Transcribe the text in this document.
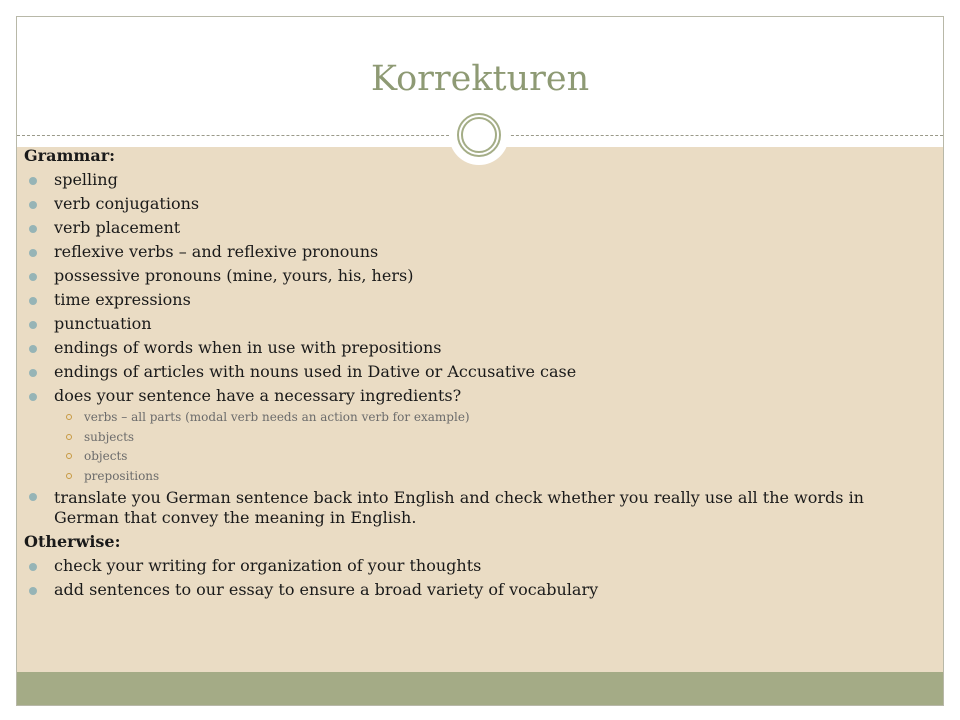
Korrekturen

Grammar:

spelling
verb conjugations
verb placement
reflexive verbs – and reflexive pronouns
possessive pronouns (mine, yours, his, hers)
time expressions
punctuation
endings of words when in use with prepositions
endings of articles with nouns used in Dative or Accusative case
does your sentence have a necessary ingredients?
verbs – all parts (modal verb needs an action verb for example)
subjects
objects
prepositions
translate you German sentence back into English and check whether you really use all the words in German that convey the meaning in English.

Otherwise:

check your writing for organization of your thoughts
add sentences to our essay to ensure a broad variety of vocabulary
